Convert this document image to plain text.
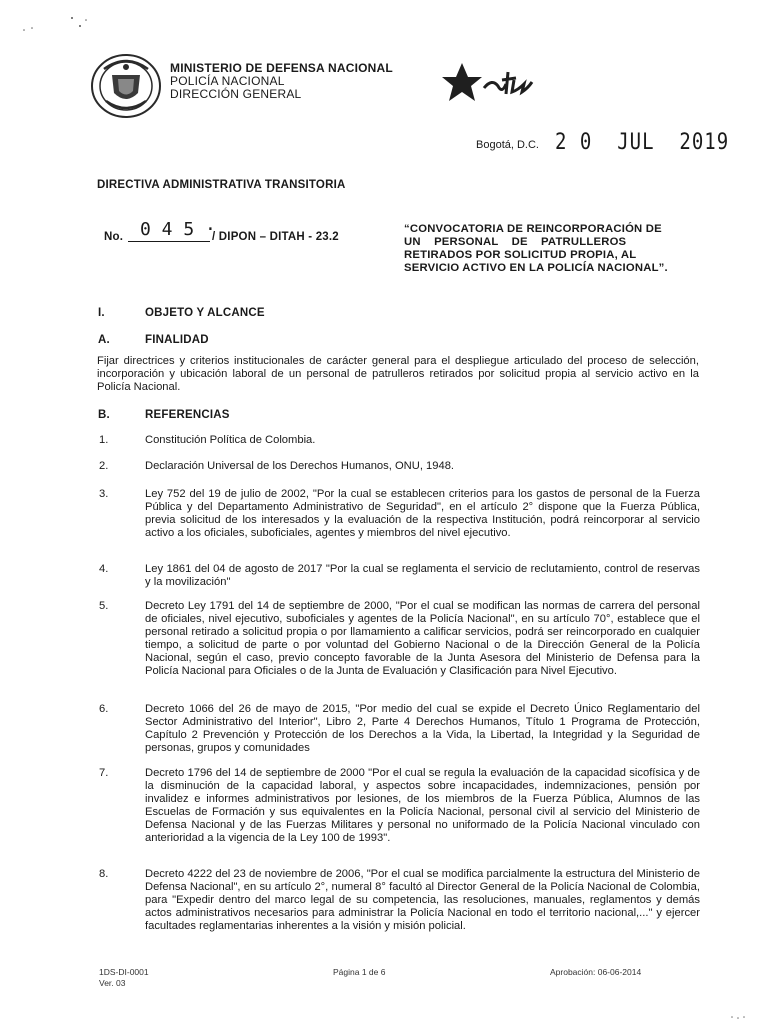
MINISTERIO DE DEFENSA NACIONAL
POLICÍA NACIONAL
DIRECCIÓN GENERAL
Bogotá, D.C. 2 0  JUL  2019
DIRECTIVA ADMINISTRATIVA TRANSITORIA
No. 0 4 5 ·
/ DIPON – DITAH - 23.2
“CONVOCATORIA DE REINCORPORACIÓN DE
UN    PERSONAL    DE    PATRULLEROS
RETIRADOS POR SOLICITUD PROPIA, AL
SERVICIO ACTIVO EN LA POLICÍA NACIONAL”.
I.	OBJETO Y ALCANCE
A.	FINALIDAD
Fijar directrices y criterios institucionales de carácter general para el despliegue articulado del proceso de selección, incorporación y ubicación laboral de un personal de patrulleros retirados por solicitud propia al servicio activo en la Policía Nacional.
B.	REFERENCIAS
1.	Constitución Política de Colombia.
2.	Declaración Universal de los Derechos Humanos, ONU, 1948.
3.	Ley 752 del 19 de julio de 2002, "Por la cual se establecen criterios para los gastos de personal de la Fuerza Pública y del Departamento Administrativo de Seguridad", en el artículo 2° dispone que la Fuerza Pública, previa solicitud de los interesados y la evaluación de la respectiva Institución, podrá reincorporar al servicio activo a los oficiales, suboficiales, agentes y miembros del nivel ejecutivo.
4.	Ley 1861 del 04 de agosto de 2017 "Por la cual se reglamenta el servicio de reclutamiento, control de reservas y la movilización"
5.	Decreto Ley 1791 del 14 de septiembre de 2000, "Por el cual se modifican las normas de carrera del personal de oficiales, nivel ejecutivo, suboficiales y agentes de la Policía Nacional", en su artículo 70°, establece que el personal retirado a solicitud propia o por llamamiento a calificar servicios, podrá ser reincorporado en cualquier tiempo, a solicitud de parte o por voluntad del Gobierno Nacional o de la Dirección General de la Policía Nacional, según el caso, previo concepto favorable de la Junta Asesora del Ministerio de Defensa para la Policía Nacional para Oficiales o de la Junta de Evaluación y Clasificación para Nivel Ejecutivo.
6.	Decreto 1066 del 26 de mayo de 2015, "Por medio del cual se expide el Decreto Único Reglamentario del Sector Administrativo del Interior", Libro 2, Parte 4 Derechos Humanos, Título 1 Programa de Protección, Capítulo 2 Prevención y Protección de los Derechos a la Vida, la Libertad, la Integridad y la Seguridad de personas, grupos y comunidades
7.	Decreto 1796 del 14 de septiembre de 2000 "Por el cual se regula la evaluación de la capacidad sicofísica y de la disminución de la capacidad laboral, y aspectos sobre incapacidades, indemnizaciones, pensión por invalidez e informes administrativos por lesiones, de los miembros de la Fuerza Pública, Alumnos de las Escuelas de Formación y sus equivalentes en la Policía Nacional, personal civil al servicio del Ministerio de Defensa Nacional y de las Fuerzas Militares y personal no uniformado de la Policía Nacional vinculado con anterioridad a la vigencia de la Ley 100 de 1993".
8.	Decreto 4222 del 23 de noviembre de 2006, "Por el cual se modifica parcialmente la estructura del Ministerio de Defensa Nacional", en su artículo 2°, numeral 8° facultó al Director General de la Policía Nacional de Colombia, para "Expedir dentro del marco legal de su competencia, las resoluciones, manuales, reglamentos y demás actos administrativos necesarios para administrar la Policía Nacional en todo el territorio nacional,..." y ejercer facultades reglamentarias inherentes a la visión y misión policial.
1DS-DI-0001
Ver. 03
Página 1 de 6	Aprobación: 06-06-2014
